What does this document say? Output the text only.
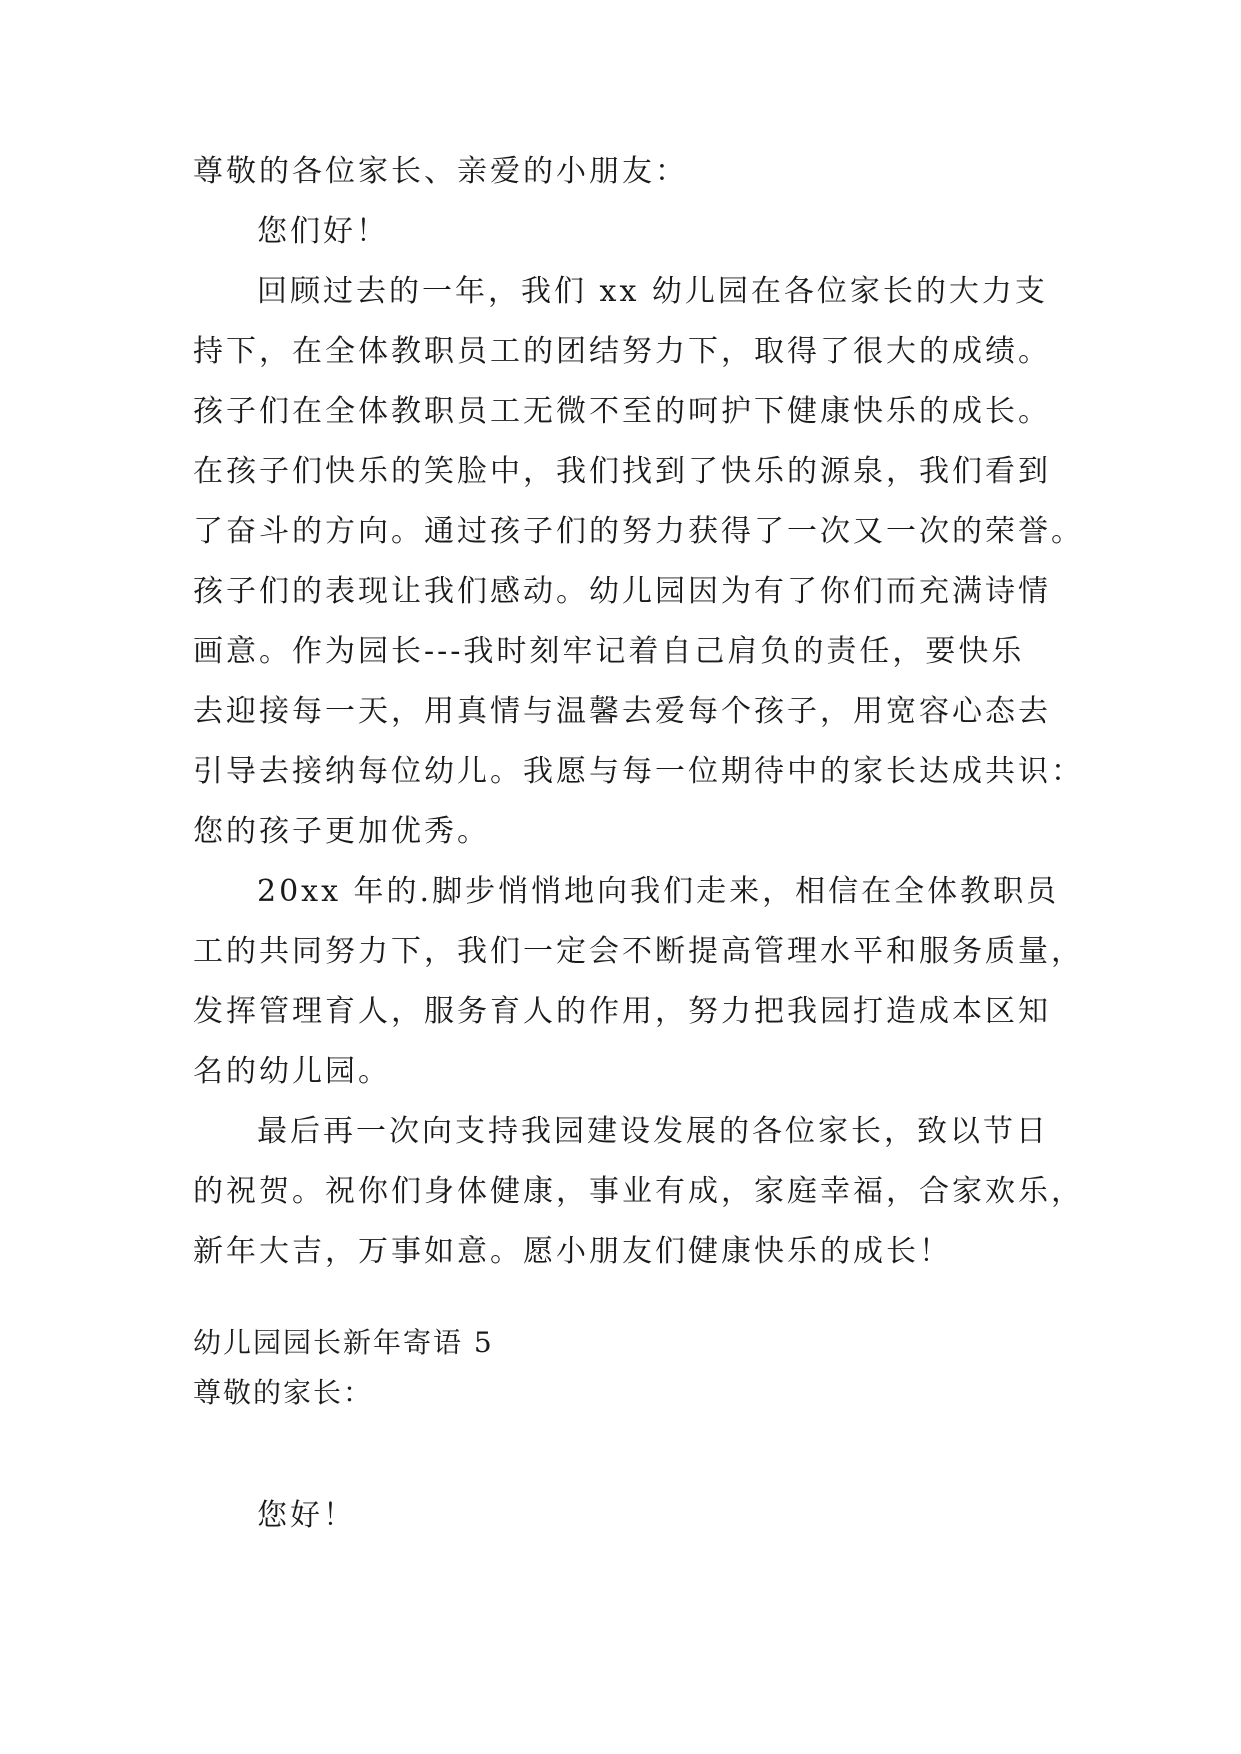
尊敬的各位家长、亲爱的小朋友：
您们好！
回顾过去的一年，我们 xx 幼儿园在各位家长的大力支
持下，在全体教职员工的团结努力下，取得了很大的成绩。
孩子们在全体教职员工无微不至的呵护下健康快乐的成长。
在孩子们快乐的笑脸中，我们找到了快乐的源泉，我们看到
了奋斗的方向。通过孩子们的努力获得了一次又一次的荣誉。
孩子们的表现让我们感动。幼儿园因为有了你们而充满诗情
画意。作为园长---我时刻牢记着自己肩负的责任，要快乐
去迎接每一天，用真情与温馨去爱每个孩子，用宽容心态去
引导去接纳每位幼儿。我愿与每一位期待中的家长达成共识：
您的孩子更加优秀。
20xx 年的.脚步悄悄地向我们走来，相信在全体教职员
工的共同努力下，我们一定会不断提高管理水平和服务质量，
发挥管理育人，服务育人的作用，努力把我园打造成本区知
名的幼儿园。
最后再一次向支持我园建设发展的各位家长，致以节日
的祝贺。祝你们身体健康，事业有成，家庭幸福，合家欢乐，
新年大吉，万事如意。愿小朋友们健康快乐的成长！
幼儿园园长新年寄语 5
尊敬的家长：
您好！
